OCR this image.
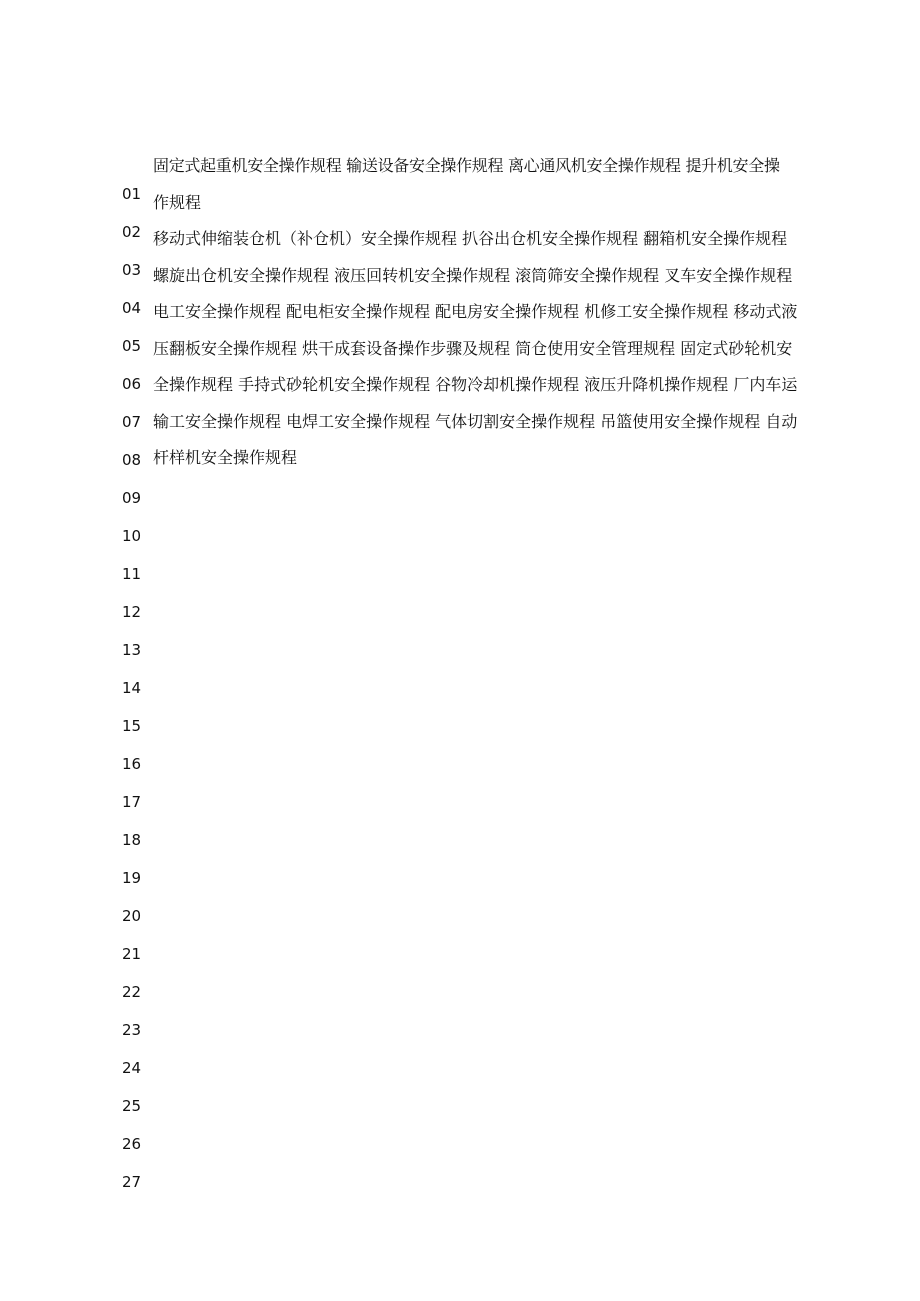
01
02
03
04
05
06
07
08
09
10
11
12
13
14
15
16
17
18
19
20
21
22
23
24
25
26
27
固定式起重机安全操作规程 输送设备安全操作规程 离心通风机安全操作规程 提升机安全操
作规程
移动式伸缩装仓机（补仓机）安全操作规程 扒谷出仓机安全操作规程 翻箱机安全操作规程
螺旋出仓机安全操作规程 液压回转机安全操作规程 滚筒筛安全操作规程 叉车安全操作规程
电工安全操作规程 配电柜安全操作规程 配电房安全操作规程 机修工安全操作规程 移动式液
压翻板安全操作规程 烘干成套设备操作步骤及规程 筒仓使用安全管理规程 固定式砂轮机安
全操作规程 手持式砂轮机安全操作规程 谷物冷却机操作规程 液压升降机操作规程 厂内车运
输工安全操作规程 电焊工安全操作规程 气体切割安全操作规程 吊篮使用安全操作规程 自动
杆样机安全操作规程
